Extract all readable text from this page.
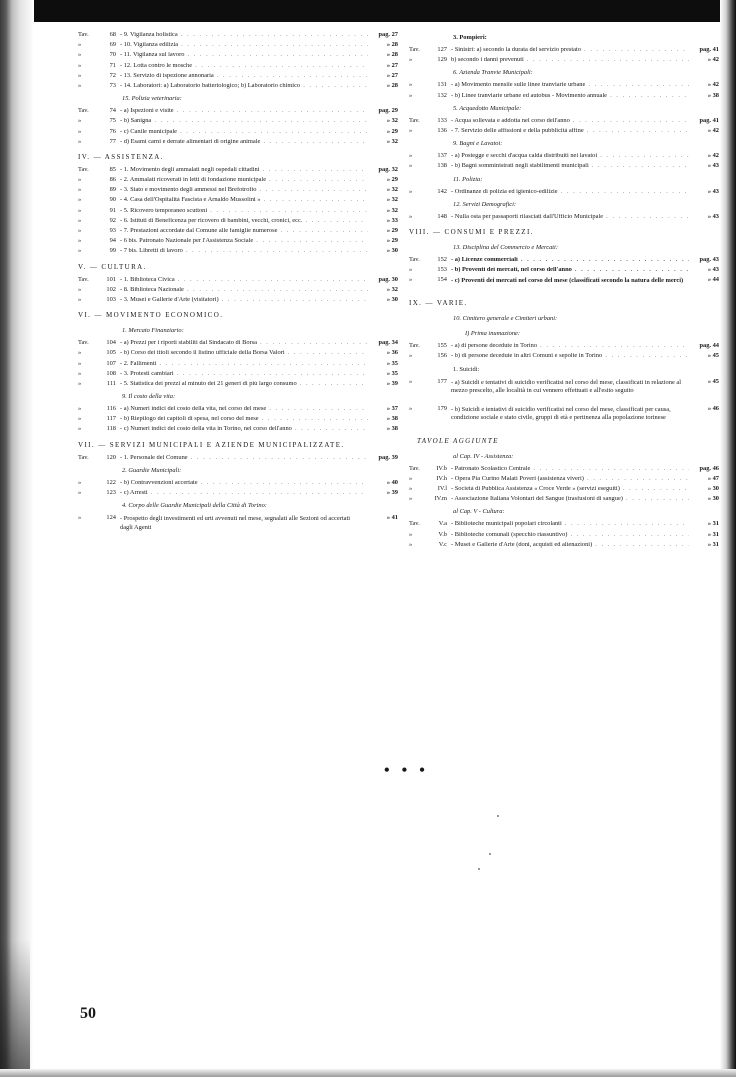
Tav.	68 - 9. Vigilanza holistica . . .	pag. 27
»	69 - 10. Vigilanza edilizia . . .	» 28
»	70 - 11. Vigilanza sul lavoro . . .	» 28
»	71 - 12. Lotta contro le mosche . . .	» 27
»	72 - 13. Servizio di ispezione annonaria . . .	» 27
»	73 - 14. Laboratori: a) Laboratorio batteriologico; b) Laboratorio chimico . . .	» 28
15. Polizia veterinaria:
Tav.	74 - a) Ispezioni e visite . . .	pag. 29
»	75 - b) Sanigna . . .	» 32
»	76 - c) Canile municipale . . .	» 29
»	77 - d) Esami carni e derrate alimentari di origine animale . . .	» 32
IV. — ASSISTENZA.
Tav.	85 - 1. Movimento degli ammalati negli ospedali cittadini . . .	pag. 32
»	86 - 2. Ammalati ricoverati in letti di fondazione municipale . . .	» 29
»	89 - 3. Stato e movimento degli ammessi nel Brefotrofio . . .	» 32
»	90 - 4. Casa dell'Ospitalità Fascista e Arnaldo Mussolini » . . .	» 32
»	91 - 5. Ricovero temporaneo scuttoni . . .	» 32
»	92 - 6. Istituti di Beneficenza per ricovero di bambini, vecchi, cronici, ecc. . . .	» 33
»	93 - 7. Prestazioni accordate dal Comune alle famiglie numerose . . .	» 29
»	94 - 6 bis. Patronato Nazionale per l'Assistenza Sociale . . .	» 29
»	99 - 7 bis. Libretti di lavoro . . .	» 30
V. — CULTURA.
Tav.	101 - 1. Biblioteca Civica . . .	pag. 30
»	102 - 8. Biblioteca Nazionale . . .	» 32
»	103 - 3. Musei e Gallerie d'Arte (visitatori) . . .	» 30
VI. — MOVIMENTO ECONOMICO.
1. Mercato Finanziario:
Tav.	104 - a) Prezzi per i riporti stabiliti dal Sindacato di Borsa . . .	pag. 34
»	105 - b) Corso dei titoli secondo il listino ufficiale della Borsa Valori . . .	» 36
»	107 - 2. Fallimenti . . .	» 35
»	108 - 3. Protesti cambiari . . .	» 35
»	111 - 5. Statistica dei prezzi al minuto dei 21 generi di più largo consumo . . .	» 39
9. Il costo della vita:
»	116 - a) Numeri indici del costo della vita, nel corso del mese . . .	» 37
»	117 - b) Riepilogo dei capitoli di spesa, nel corso del mese . . .	» 38
»	118 - c) Numeri indici del costo della vita in Torino, nel corso dell'anno . . .	» 38
VII. — SERVIZI MUNICIPALI E AZIENDE MUNICIPALIZZATE.
Tav.	120 - 1. Personale del Comune . . .	pag. 39
2. Guardie Municipali:
»	122 - b) Contravvenzioni accertate . . .	» 40
»	123 - c) Arresti . . .	» 39
4. Corpo delle Guardie Municipali della Città di Torino:
»	124 - Prospetto degli investimenti ed urti avvenuti nel mese, segnalati alle Sezioni od accertati dagli Agenti
» 41
3. Pompieri:
Tav.	127 - Sinistri: a) secondo la durata del servizio prestato . . .	pag. 41
»	129 b) secondo i danni prevenuti . . .	» 42
6. Azienda Tranvie Municipali:
»	131 - a) Movimento mensile sulle linee tranviarie urbane . . .	» 42
»	132 - b) Linee tranviarie urbane ed autobus - Movimento annuale . . .	» 38
5. Acquedotto Municipale:
Tav.	133 - Acqua sollevata e addotta nel corso dell'anno . . .	pag. 41
»	136 - 7. Servizio delle affissioni e della pubblicità affine . . .	» 42
9. Bagni e Lavatoi:
»	137 - a) Postegge e secchi d'acqua calda distribuiti nei lavatoi . . .	» 42
»	138 - b) Bagni somministrati negli stabilimenti municipali . . .	» 43
11. Polizia:
»	142 - Ordinanze di polizia ed igienico-edilizie . . .	» 43
12. Servizi Demografici:
»	148 - Nulla osta per passaporti rilasciati dall'Ufficio Municipale . . .	» 43
VIII. — CONSUMI E PREZZI.
13. Disciplina del Commercio e Mercati:
Tav.	152 - a) Licenze commerciali . . .	pag. 43
»	153 - b) Proventi dei mercati, nel corso dell'anno . . .	» 43
»	154 - c) Proventi dei mercati nel corso del mese (classificati secondo la natura delle merci)	» 44
IX. — VARIE.
10. Cimitero generale e Cimiteri urbani:
I) Prima inumazione:
Tav.	155 - a) di persone decedute in Torino . . .	pag. 44
»	156 - b) di persone decedute in altri Comuni e sepolte in Torino . . .	» 45
1. Suicidi:
»	177 - a) Suicidi e tentativi di suicidio verificatisi nel corso del mese, classificati in relazione al mezzo prescelto, alle località in cui vennero effettuati e all'esito seguito
» 45
»	179 - b) Suicidi e tentativi di suicidio verificatisi nel corso del mese, classificati per causa, condizione sociale e stato civile, gruppi di età e pertinenza alla popolazione torinese
» 46
TAVOLE AGGIUNTE
al Cap. IV - Assistenza:
Tav.	IV.b - Patronato Scolastico Centrale . . .	pag. 46
»	IV.h - Opera Pia Curino Malati Poveri (assistenza viveri) . . .	» 47
»	IV.l - Società di Pubblica Assistenza « Croce Verde » (servizi eseguiti) . . .	» 30
»	IV.m - Associazione Italiana Volontari del Sangue (trasfusioni di sangue) . . .	» 30
al Cap. V - Cultura:
Tav.	V.a - Biblioteche municipali popolari circolanti . . .	» 31
»	V.b - Biblioteche comunali (specchio riassuntivo) . . .	» 31
»	V.c - Musei e Gallerie d'Arte (doni, acquisti ed alienazioni) . . .	» 31
• • •
50
